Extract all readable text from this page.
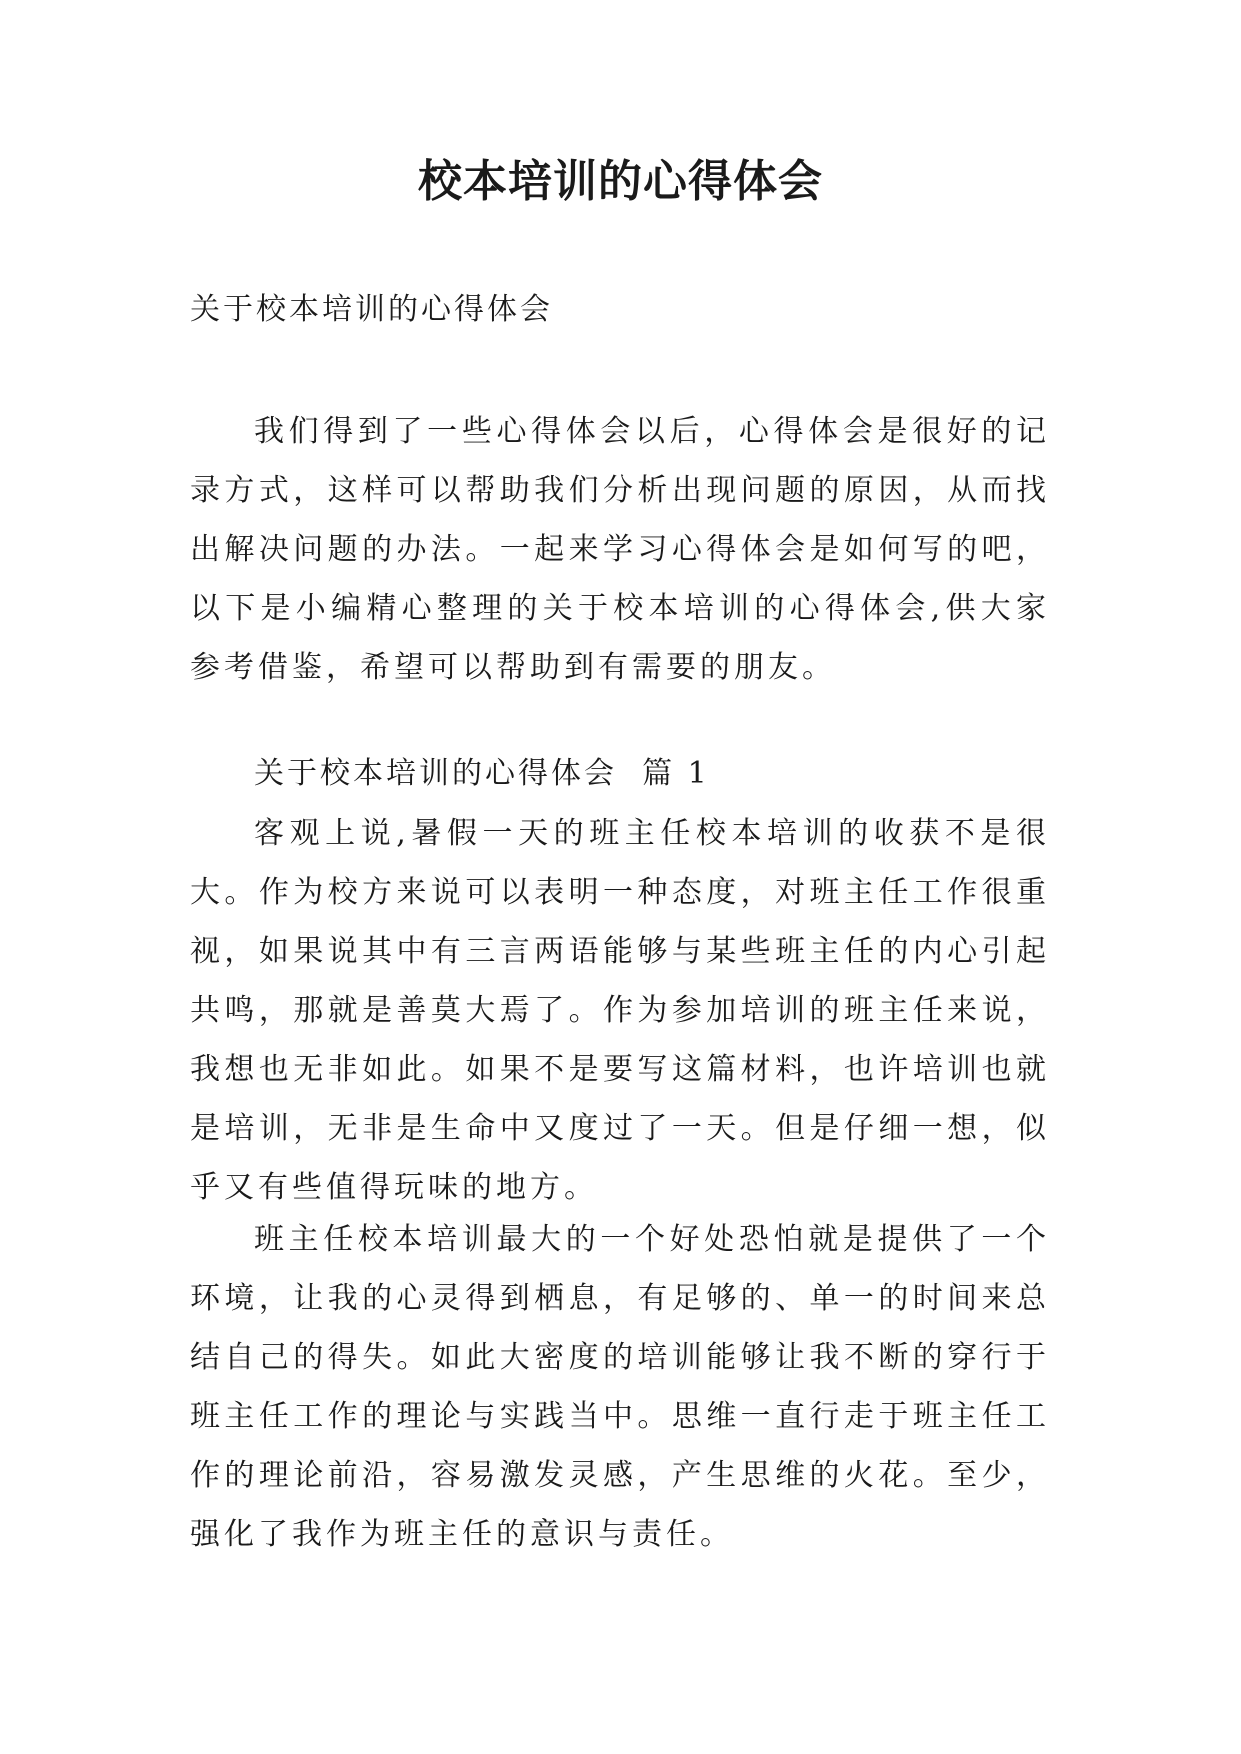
校本培训的心得体会
关于校本培训的心得体会

我们得到了一些心得体会以后，心得体会是很好的记录方式，这样可以帮助我们分析出现问题的原因，从而找出解决问题的办法。一起来学习心得体会是如何写的吧，以下是小编精心整理的关于校本培训的心得体会,供大家参考借鉴，希望可以帮助到有需要的朋友。

关于校本培训的心得体会  篇 1

客观上说,暑假一天的班主任校本培训的收获不是很大。作为校方来说可以表明一种态度，对班主任工作很重视，如果说其中有三言两语能够与某些班主任的内心引起共鸣，那就是善莫大焉了。作为参加培训的班主任来说，我想也无非如此。如果不是要写这篇材料，也许培训也就是培训，无非是生命中又度过了一天。但是仔细一想，似乎又有些值得玩味的地方。

班主任校本培训最大的一个好处恐怕就是提供了一个环境，让我的心灵得到栖息，有足够的、单一的时间来总结自己的得失。如此大密度的培训能够让我不断的穿行于班主任工作的理论与实践当中。思维一直行走于班主任工作的理论前沿，容易激发灵感，产生思维的火花。至少，强化了我作为班主任的意识与责任。
